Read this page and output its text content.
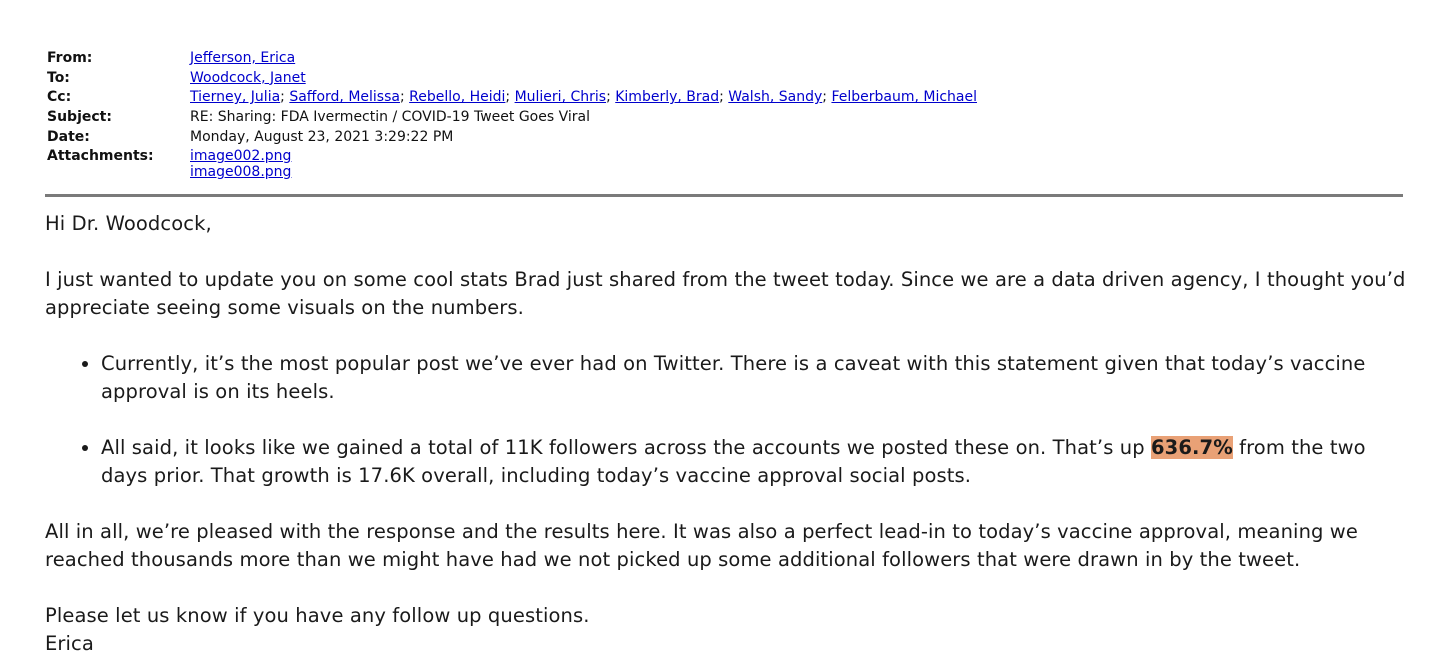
From:	Jefferson, Erica
To:	Woodcock, Janet
Cc:	Tierney, Julia; Safford, Melissa; Rebello, Heidi; Mulieri, Chris; Kimberly, Brad; Walsh, Sandy; Felberbaum, Michael
Subject:	RE: Sharing: FDA Ivermectin / COVID-19 Tweet Goes Viral
Date:	Monday, August 23, 2021 3:29:22 PM
Attachments:	image002.png
image008.png

Hi Dr. Woodcock,

I just wanted to update you on some cool stats Brad just shared from the tweet today. Since we are a data driven agency, I thought you’d appreciate seeing some visuals on the numbers.

• Currently, it’s the most popular post we’ve ever had on Twitter. There is a caveat with this statement given that today’s vaccine approval is on its heels.
• All said, it looks like we gained a total of 11K followers across the accounts we posted these on. That’s up 636.7% from the two days prior. That growth is 17.6K overall, including today’s vaccine approval social posts.

All in all, we’re pleased with the response and the results here. It was also a perfect lead-in to today’s vaccine approval, meaning we reached thousands more than we might have had we not picked up some additional followers that were drawn in by the tweet.

Please let us know if you have any follow up questions.

Erica
